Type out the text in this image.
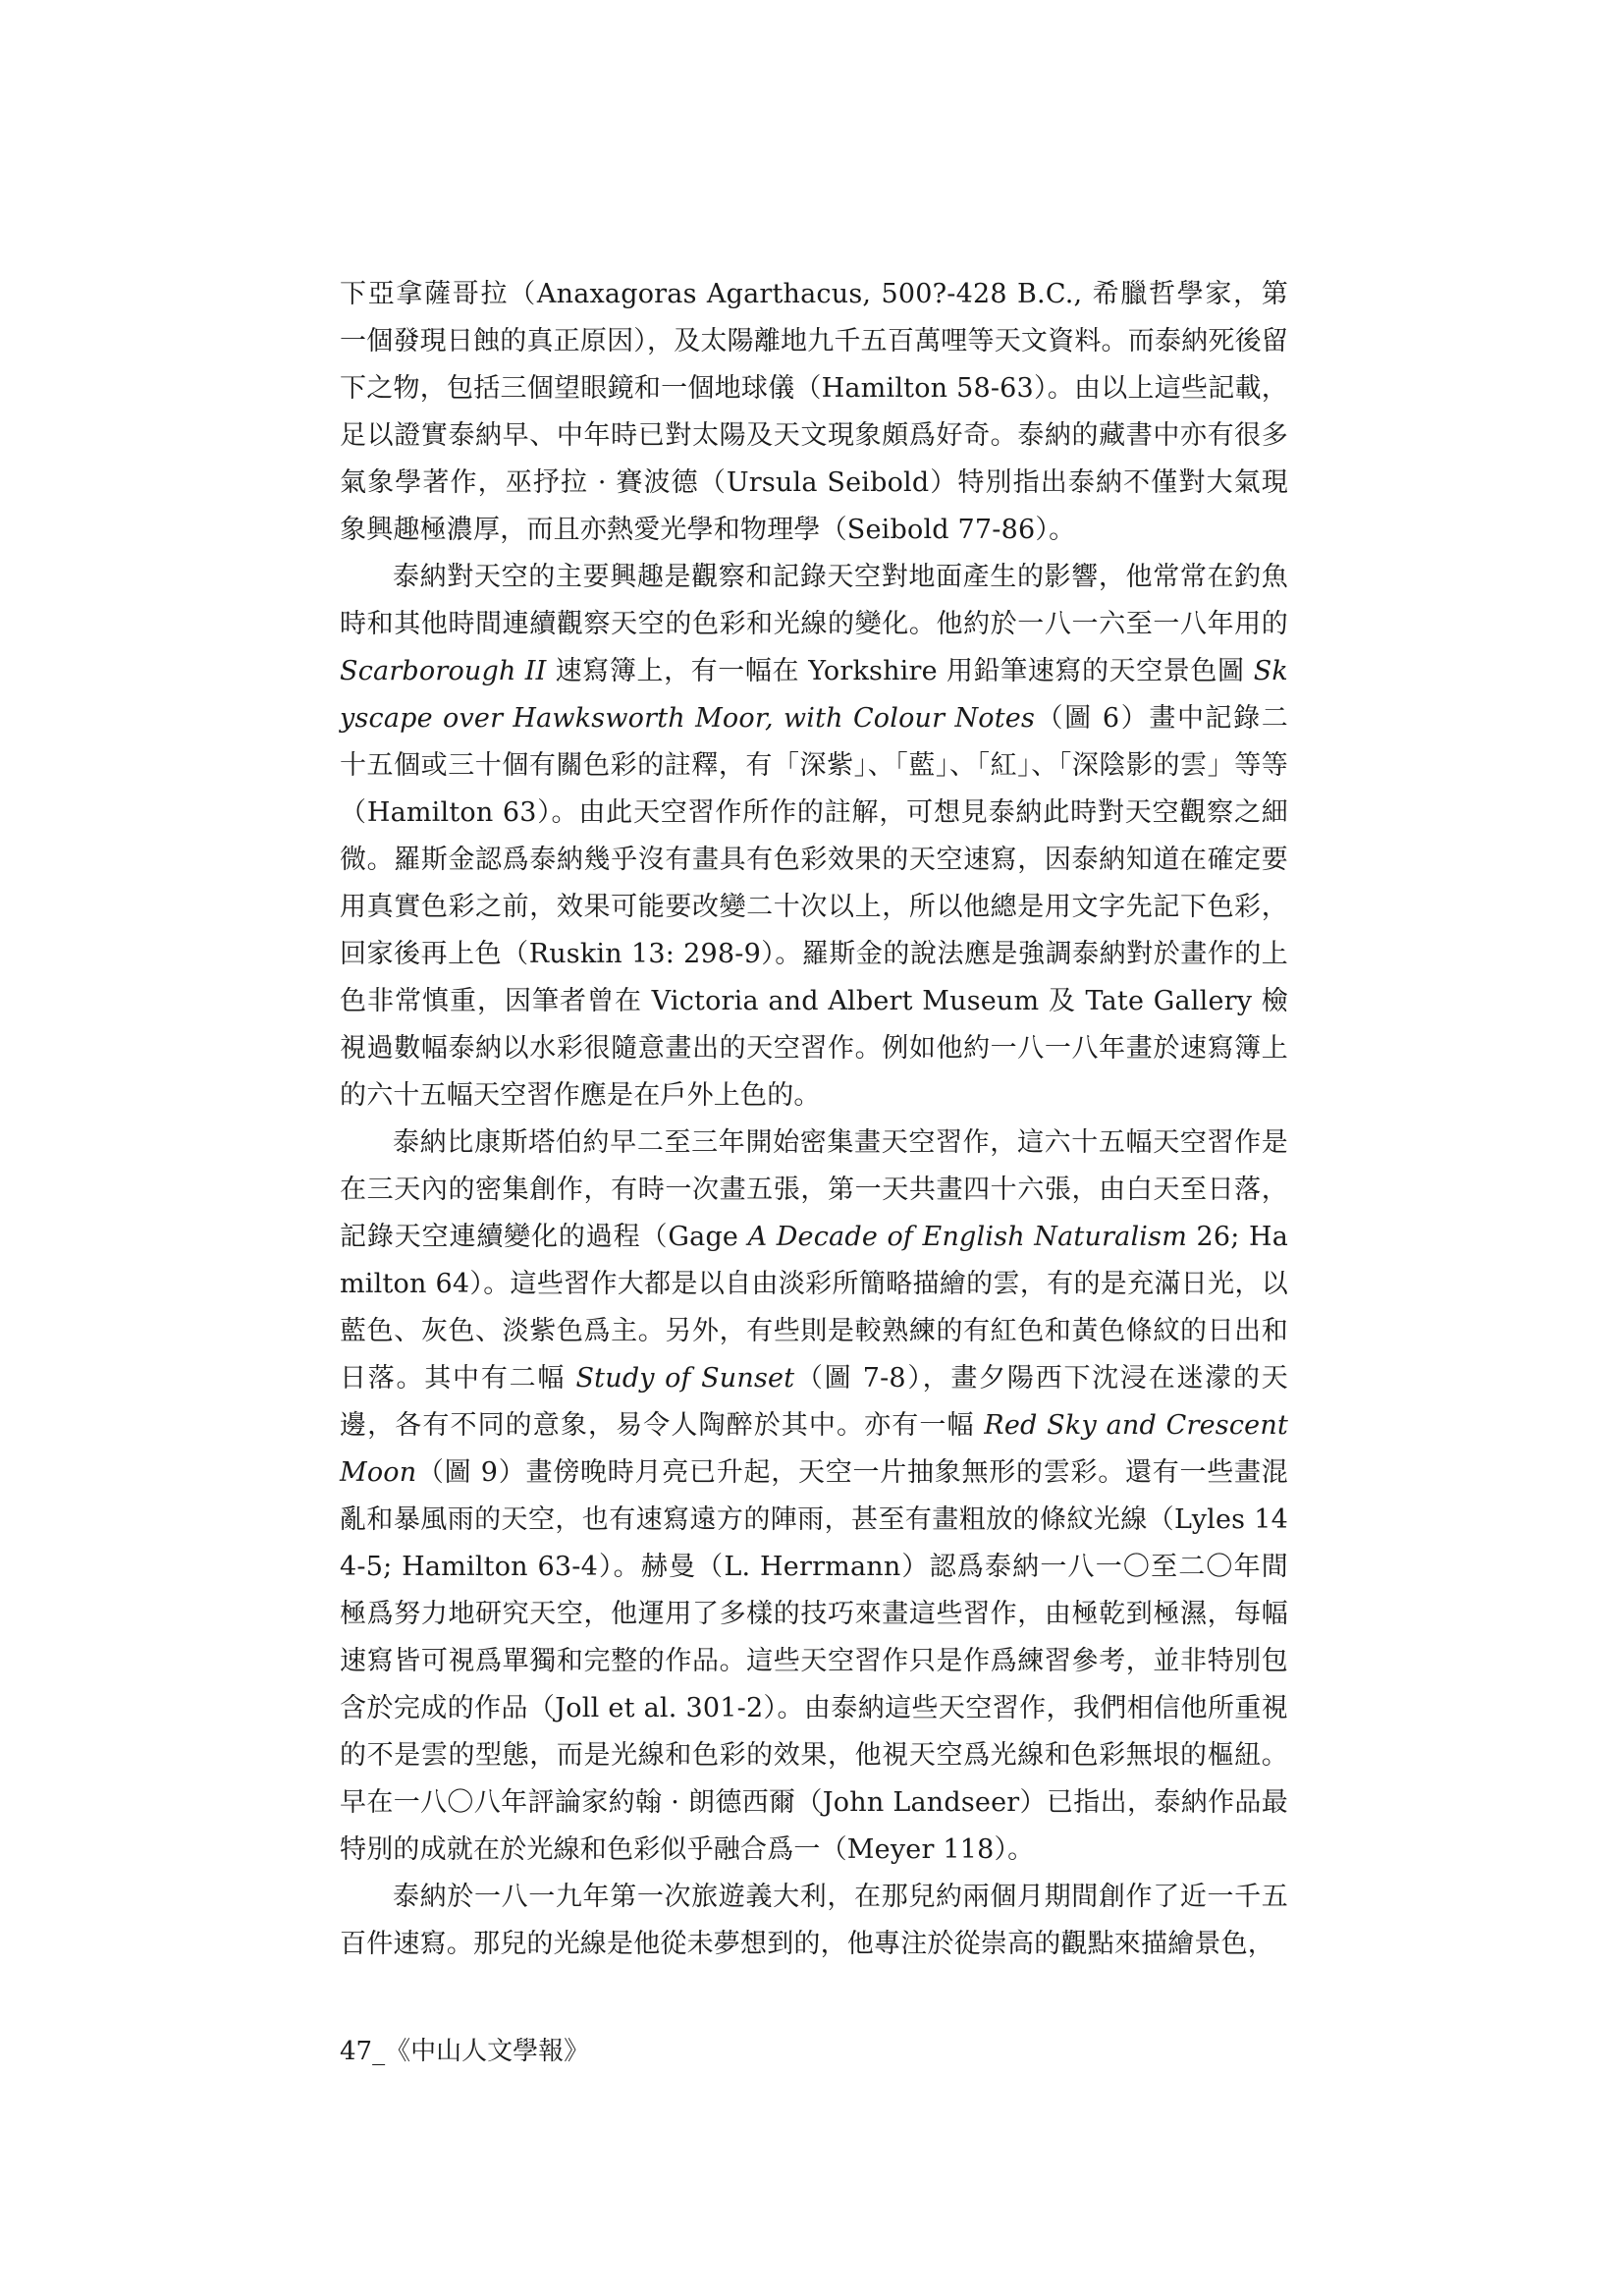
下亞拿薩哥拉（Anaxagoras Agarthacus, 500?-428 B.C., 希臘哲學家，第一個發現日蝕的真正原因），及太陽離地九千五百萬哩等天文資料。而泰納死後留下之物，包括三個望眼鏡和一個地球儀（Hamilton 58-63）。由以上這些記載，足以證實泰納早、中年時已對太陽及天文現象頗爲好奇。泰納的藏書中亦有很多氣象學著作，巫抒拉 · 賽波德（Ursula Seibold）特別指出泰納不僅對大氣現象興趣極濃厚，而且亦熱愛光學和物理學（Seibold 77-86）。

泰納對天空的主要興趣是觀察和記錄天空對地面產生的影響，他常常在釣魚時和其他時間連續觀察天空的色彩和光線的變化。他約於一八一六至一八年用的 Scarborough II 速寫簿上，有一幅在 Yorkshire 用鉛筆速寫的天空景色圖 Skyscape over Hawksworth Moor, with Colour Notes（圖 6）畫中記錄二十五個或三十個有關色彩的註釋，有「深紫」、「藍」、「紅」、「深陰影的雲」等等（Hamilton 63）。由此天空習作所作的註解，可想見泰納此時對天空觀察之細微。羅斯金認爲泰納幾乎沒有畫具有色彩效果的天空速寫，因泰納知道在確定要用真實色彩之前，效果可能要改變二十次以上，所以他總是用文字先記下色彩，回家後再上色（Ruskin 13: 298-9）。羅斯金的說法應是強調泰納對於畫作的上色非常慎重，因筆者曾在 Victoria and Albert Museum 及 Tate Gallery 檢視過數幅泰納以水彩很隨意畫出的天空習作。例如他約一八一八年畫於速寫簿上的六十五幅天空習作應是在戶外上色的。

泰納比康斯塔伯約早二至三年開始密集畫天空習作，這六十五幅天空習作是在三天內的密集創作，有時一次畫五張，第一天共畫四十六張，由白天至日落，記錄天空連續變化的過程（Gage A Decade of English Naturalism 26; Hamilton 64）。這些習作大都是以自由淡彩所簡略描繪的雲，有的是充滿日光，以藍色、灰色、淡紫色爲主。另外，有些則是較熟練的有紅色和黃色條紋的日出和日落。其中有二幅 Study of Sunset（圖 7-8），畫夕陽西下沈浸在迷濛的天邊，各有不同的意象，易令人陶醉於其中。亦有一幅 Red Sky and Crescent Moon（圖 9）畫傍晚時月亮已升起，天空一片抽象無形的雲彩。還有一些畫混亂和暴風雨的天空，也有速寫遠方的陣雨，甚至有畫粗放的條紋光線（Lyles 144-5; Hamilton 63-4）。赫曼（L. Herrmann）認爲泰納一八一〇至二〇年間極爲努力地研究天空，他運用了多樣的技巧來畫這些習作，由極乾到極濕，每幅速寫皆可視爲單獨和完整的作品。這些天空習作只是作爲練習參考，並非特別包含於完成的作品（Joll et al. 301-2）。由泰納這些天空習作，我們相信他所重視的不是雲的型態，而是光線和色彩的效果，他視天空爲光線和色彩無垠的樞紐。早在一八〇八年評論家約翰 · 朗德西爾（John Landseer）已指出，泰納作品最特別的成就在於光線和色彩似乎融合爲一（Meyer 118）。

泰納於一八一九年第一次旅遊義大利，在那兒約兩個月期間創作了近一千五百件速寫。那兒的光線是他從未夢想到的，他專注於從崇高的觀點來描繪景色，

47_《中山人文學報》
